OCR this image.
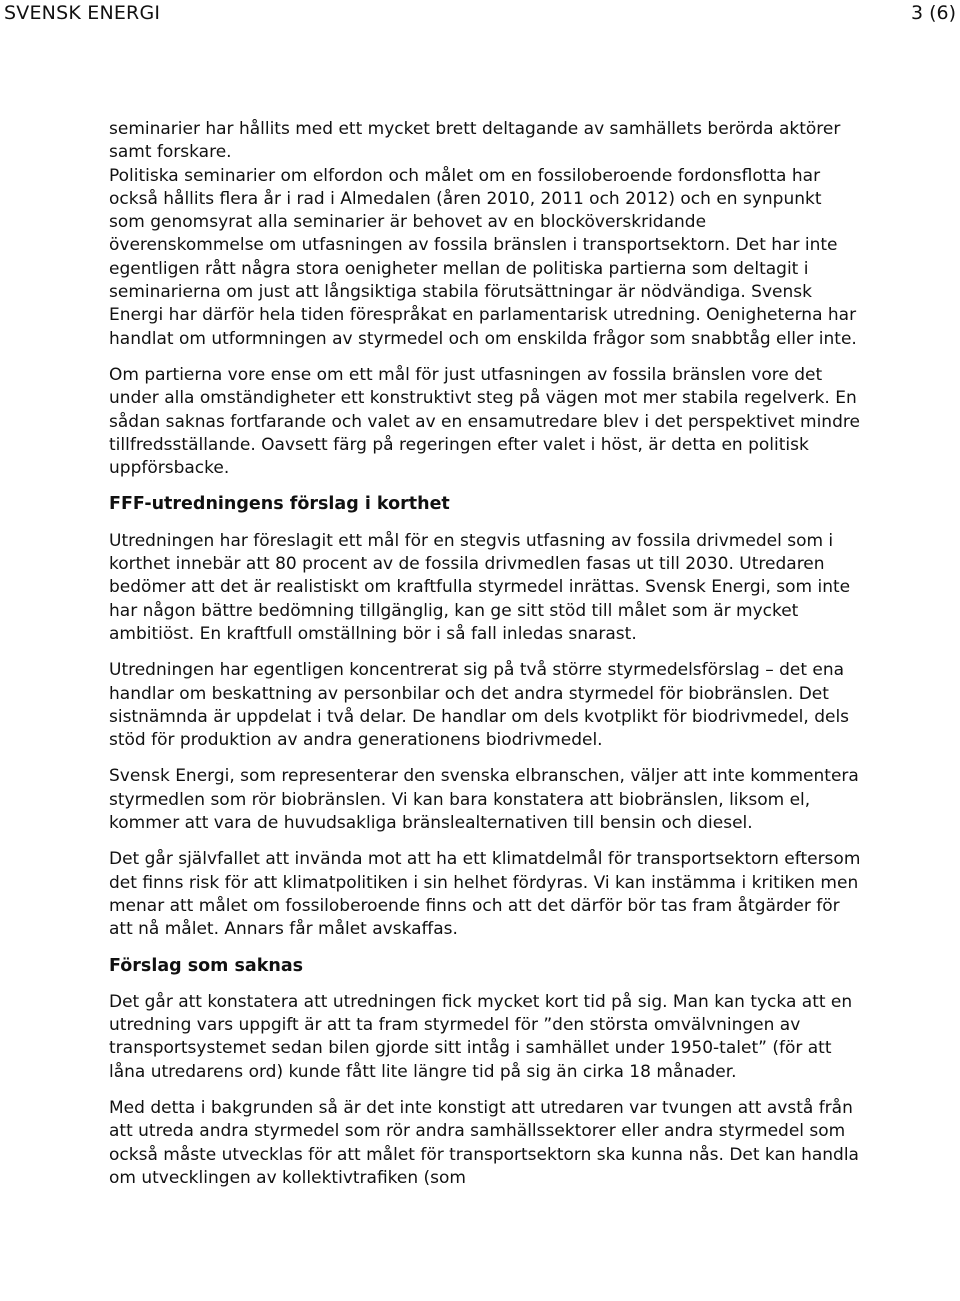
SVENSK ENERGI	3 (6)

seminarier har hållits med ett mycket brett deltagande av samhällets berörda aktörer samt forskare.

Politiska seminarier om elfordon och målet om en fossiloberoende fordonsflotta har också hållits flera år i rad i Almedalen (åren 2010, 2011 och 2012) och en synpunkt som genomsyrat alla seminarier är behovet av en blocköverskridande överenskommelse om utfasningen av fossila bränslen i transportsektorn. Det har inte egentligen rått några stora oenigheter mellan de politiska partierna som deltagit i seminarierna om just att långsiktiga stabila förutsättningar är nödvändiga. Svensk Energi har därför hela tiden förespråkat en parlamentarisk utredning. Oenigheterna har handlat om utformningen av styrmedel och om enskilda frågor som snabbtåg eller inte.

Om partierna vore ense om ett mål för just utfasningen av fossila bränslen vore det under alla omständigheter ett konstruktivt steg på vägen mot mer stabila regelverk. En sådan saknas fortfarande och valet av en ensamutredare blev i det perspektivet mindre tillfredsställande. Oavsett färg på regeringen efter valet i höst, är detta en politisk uppförsbacke.

FFF-utredningens förslag i korthet

Utredningen har föreslagit ett mål för en stegvis utfasning av fossila drivmedel som i korthet innebär att 80 procent av de fossila drivmedlen fasas ut till 2030. Utredaren bedömer att det är realistiskt om kraftfulla styrmedel inrättas. Svensk Energi, som inte har någon bättre bedömning tillgänglig, kan ge sitt stöd till målet som är mycket ambitiöst. En kraftfull omställning bör i så fall inledas snarast.

Utredningen har egentligen koncentrerat sig på två större styrmedelsförslag – det ena handlar om beskattning av personbilar och det andra styrmedel för biobränslen. Det sistnämnda är uppdelat i två delar. De handlar om dels kvotplikt för biodrivmedel, dels stöd för produktion av andra generationens biodrivmedel.

Svensk Energi, som representerar den svenska elbranschen, väljer att inte kommentera styrmedlen som rör biobränslen. Vi kan bara konstatera att biobränslen, liksom el, kommer att vara de huvudsakliga bränslealternativen till bensin och diesel.

Det går självfallet att invända mot att ha ett klimatdelmål för transportsektorn eftersom det finns risk för att klimatpolitiken i sin helhet fördyras. Vi kan instämma i kritiken men menar att målet om fossiloberoende finns och att det därför bör tas fram åtgärder för att nå målet. Annars får målet avskaffas.

Förslag som saknas

Det går att konstatera att utredningen fick mycket kort tid på sig. Man kan tycka att en utredning vars uppgift är att ta fram styrmedel för ”den största omvälvningen av transportsystemet sedan bilen gjorde sitt intåg i samhället under 1950-talet” (för att låna utredarens ord) kunde fått lite längre tid på sig än cirka 18 månader.

Med detta i bakgrunden så är det inte konstigt att utredaren var tvungen att avstå från att utreda andra styrmedel som rör andra samhällssektorer eller andra styrmedel som också måste utvecklas för att målet för transportsektorn ska kunna nås. Det kan handla om utvecklingen av kollektivtrafiken (som
